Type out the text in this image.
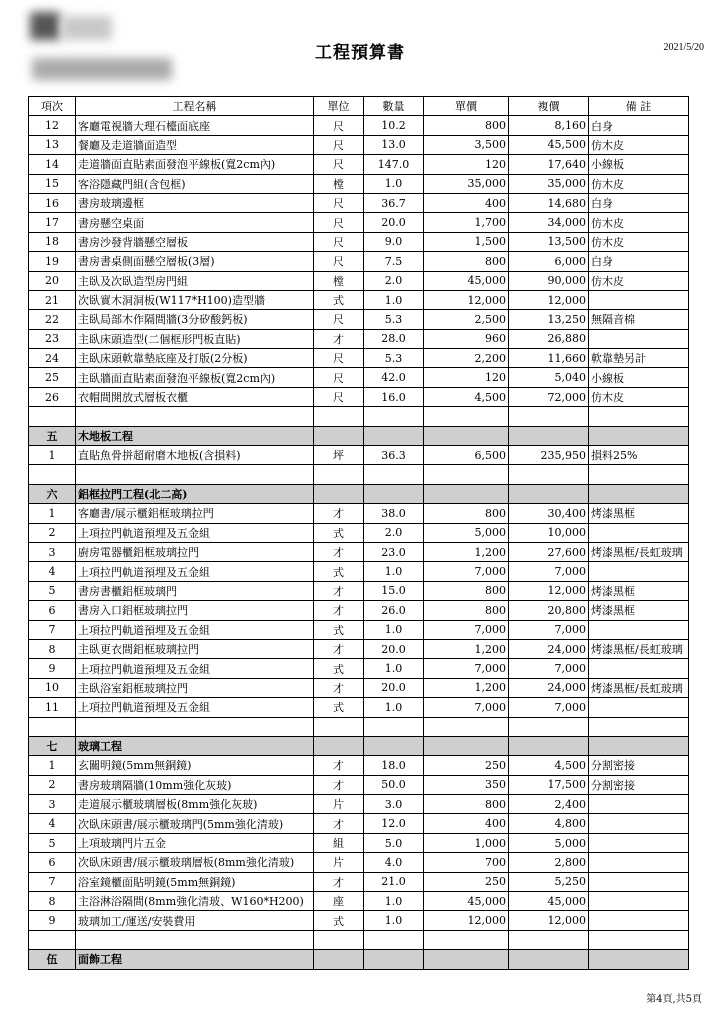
工程預算書	2021/5/20
項次	工程名稱	單位	數量	單價	複價	備 註
12	客廳電視牆大理石檯面底座	尺	10.2	800	8,160	白身
13	餐廳及走道牆面造型	尺	13.0	3,500	45,500	仿木皮
14	走道牆面直貼素面發泡平線板(寬2cm內)	尺	147.0	120	17,640	小線板
15	客浴隱藏門組(含包框)	樘	1.0	35,000	35,000	仿木皮
16	書房玻璃邊框	尺	36.7	400	14,680	白身
17	書房懸空桌面	尺	20.0	1,700	34,000	仿木皮
18	書房沙發背牆懸空層板	尺	9.0	1,500	13,500	仿木皮
19	書房書桌側面懸空層板(3層)	尺	7.5	800	6,000	白身
20	主臥及次臥造型房門組	樘	2.0	45,000	90,000	仿木皮
21	次臥實木洞洞板(W117*H100)造型牆	式	1.0	12,000	12,000	
22	主臥局部木作隔間牆(3分矽酸鈣板)	尺	5.3	2,500	13,250	無隔音棉
23	主臥床頭造型(二個框形門板直貼)	才	28.0	960	26,880	
24	主臥床頭軟靠墊底座及打版(2分板)	尺	5.3	2,200	11,660	軟靠墊另計
25	主臥牆面直貼素面發泡平線板(寬2cm內)	尺	42.0	120	5,040	小線板
26	衣帽間開放式層板衣櫃	尺	16.0	4,500	72,000	仿木皮

五	木地板工程					
1	直貼魚骨拼超耐磨木地板(含損料)	坪	36.3	6,500	235,950	損料25%

六	鋁框拉門工程(北二高)					
1	客廳書/展示櫃鋁框玻璃拉門	才	38.0	800	30,400	烤漆黑框
2	上項拉門軌道預埋及五金組	式	2.0	5,000	10,000	
3	廚房電器櫃鋁框玻璃拉門	才	23.0	1,200	27,600	烤漆黑框/長虹玻璃
4	上項拉門軌道預埋及五金組	式	1.0	7,000	7,000	
5	書房書櫃鋁框玻璃門	才	15.0	800	12,000	烤漆黑框
6	書房入口鋁框玻璃拉門	才	26.0	800	20,800	烤漆黑框
7	上項拉門軌道預埋及五金組	式	1.0	7,000	7,000	
8	主臥更衣間鋁框玻璃拉門	才	20.0	1,200	24,000	烤漆黑框/長虹玻璃
9	上項拉門軌道預埋及五金組	式	1.0	7,000	7,000	
10	主臥浴室鋁框玻璃拉門	才	20.0	1,200	24,000	烤漆黑框/長虹玻璃
11	上項拉門軌道預埋及五金組	式	1.0	7,000	7,000	

七	玻璃工程					
1	玄關明鏡(5mm無銅鏡)	才	18.0	250	4,500	分割密接
2	書房玻璃隔牆(10mm強化灰玻)	才	50.0	350	17,500	分割密接
3	走道展示櫃玻璃層板(8mm強化灰玻)	片	3.0	800	2,400	
4	次臥床頭書/展示櫃玻璃門(5mm強化清玻)	才	12.0	400	4,800	
5	上項玻璃門片五金	組	5.0	1,000	5,000	
6	次臥床頭書/展示櫃玻璃層板(8mm強化清玻)	片	4.0	700	2,800	
7	浴室鏡櫃面貼明鏡(5mm無銅鏡)	才	21.0	250	5,250	
8	主浴淋浴隔間(8mm強化清玻、W160*H200)	座	1.0	45,000	45,000	
9	玻璃加工/運送/安裝費用	式	1.0	12,000	12,000	

伍	面飾工程					
第4頁,共5頁
